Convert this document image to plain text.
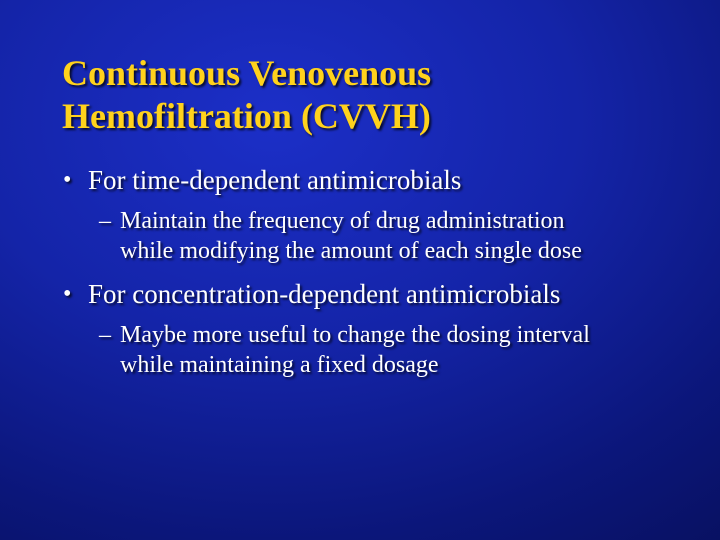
Continuous Venovenous
Hemofiltration (CVVH)
• For time-dependent antimicrobials
– Maintain the frequency of drug administration
while modifying the amount of each single dose
• For concentration-dependent antimicrobials
– Maybe more useful to change the dosing interval
while maintaining a fixed dosage
